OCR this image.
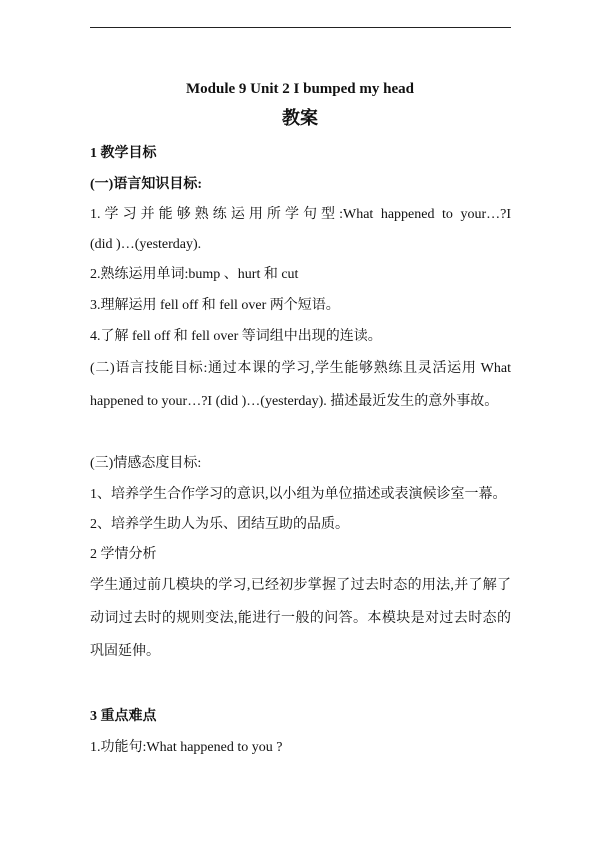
Module 9 Unit 2 I bumped my head
教案
1 教学目标
(一)语言知识目标:
1.学习并能够熟练运用所学句型:What happened to your…?I
(did )…(yesterday).
2.熟练运用单词:bump 、hurt 和 cut
3.理解运用 fell off 和 fell over 两个短语。
4.了解 fell off 和 fell over 等词组中出现的连读。
(二)语言技能目标:通过本课的学习,学生能够熟练且灵活运用 What
happened to your…?I (did )…(yesterday). 描述最近发生的意外事故。
(三)情感态度目标:
1、培养学生合作学习的意识,以小组为单位描述或表演候诊室一幕。
2、培养学生助人为乐、团结互助的品质。
2 学情分析
学生通过前几模块的学习,已经初步掌握了过去时态的用法,并了解了
动词过去时的规则变法,能进行一般的问答。本模块是对过去时态的
巩固延伸。
3 重点难点
1.功能句:What happened to you ?
